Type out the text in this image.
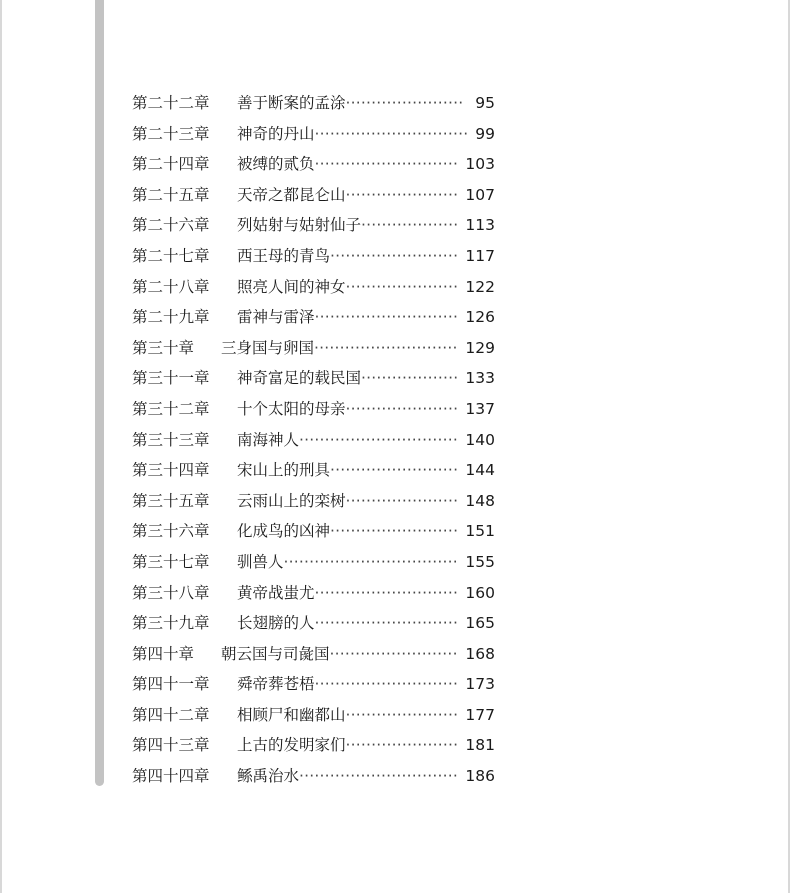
第二十二章 善于断案的孟涂······················· 95
第二十三章 神奇的丹山······························ 99
第二十四章 被缚的贰负···························· 103
第二十五章 天帝之都昆仑山······················ 107
第二十六章 列姑射与姑射仙子··················· 113
第二十七章 西王母的青鸟························· 117
第二十八章 照亮人间的神女······················ 122
第二十九章 雷神与雷泽···························· 126
第三十章 三身国与卵国···························· 129
第三十一章 神奇富足的载民国··················· 133
第三十二章 十个太阳的母亲······················ 137
第三十三章 南海神人······························· 140
第三十四章 宋山上的刑具························· 144
第三十五章 云雨山上的栾树······················ 148
第三十六章 化成鸟的凶神························· 151
第三十七章 驯兽人·································· 155
第三十八章 黄帝战蚩尤···························· 160
第三十九章 长翅膀的人···························· 165
第四十章 朝云国与司彘国························· 168
第四十一章 舜帝葬苍梧···························· 173
第四十二章 相顾尸和幽都山······················ 177
第四十三章 上古的发明家们······················ 181
第四十四章 鲧禹治水······························· 186
